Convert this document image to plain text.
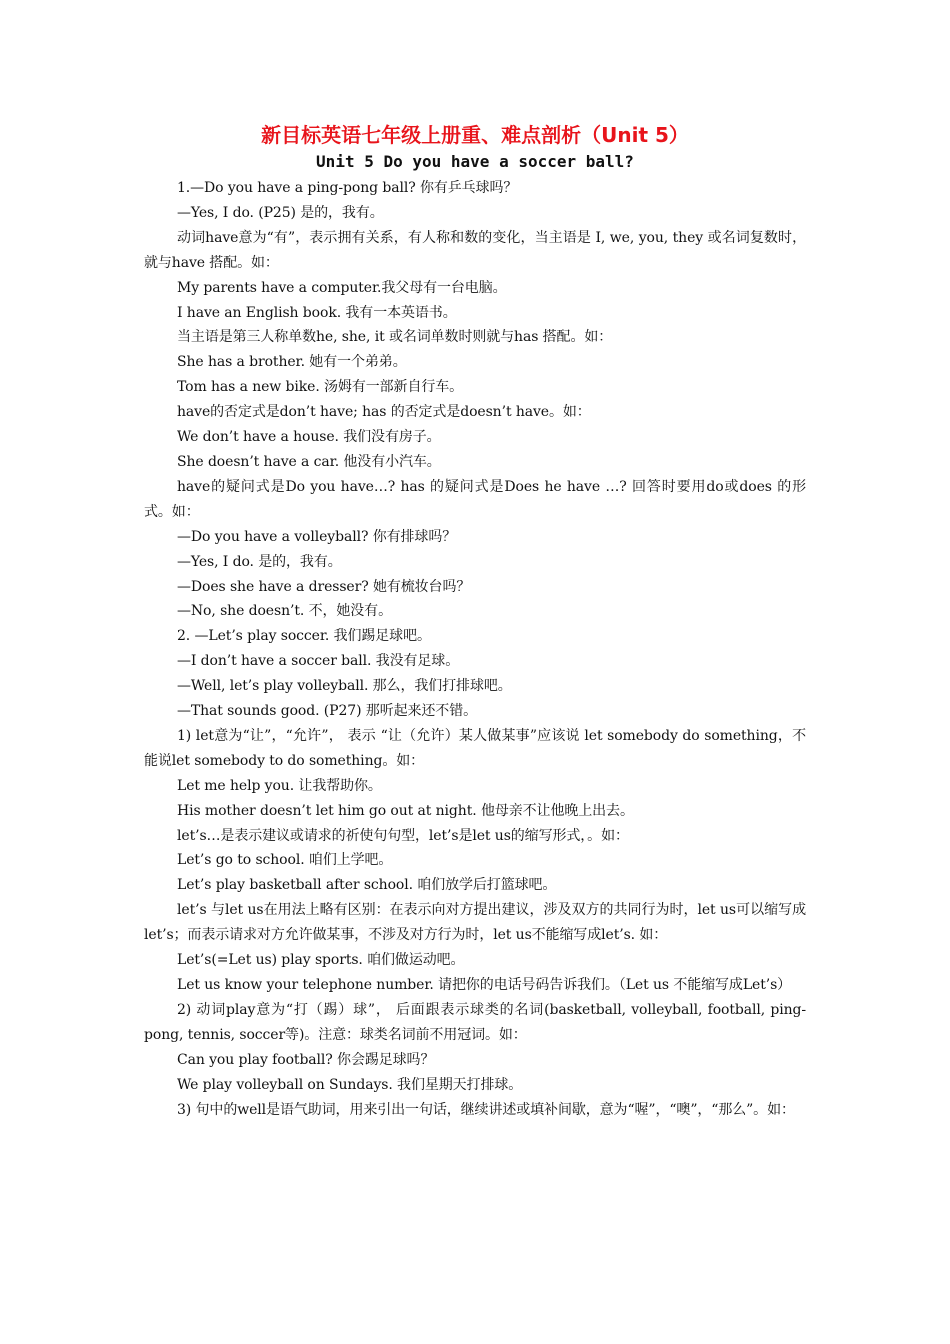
新目标英语七年级上册重、难点剖析（Unit 5）
Unit 5 Do you have a soccer ball?

1.—Do you have a ping-pong ball? 你有乒乓球吗？

—Yes, I do. (P25) 是的，我有。

动词have意为“有”，表示拥有关系，有人称和数的变化，当主语是 I, we, you, they 或名词复数时，就与have 搭配。如：

My parents have a computer.我父母有一台电脑。

I have an English book. 我有一本英语书。

当主语是第三人称单数he, she, it 或名词单数时则就与has 搭配。如：

She has a brother. 她有一个弟弟。

Tom has a new bike. 汤姆有一部新自行车。

have的否定式是don’t have; has 的否定式是doesn’t have。如：

We don’t have a house. 我们没有房子。

She doesn’t have a car. 他没有小汽车。

have的疑问式是Do you have…? has 的疑问式是Does he have …? 回答时要用do或does 的形式。如：

—Do you have a volleyball? 你有排球吗？

—Yes, I do. 是的，我有。

—Does she have a dresser? 她有梳妆台吗？

—No, she doesn’t. 不，她没有。

2. —Let’s play soccer. 我们踢足球吧。

—I don’t have a soccer ball. 我没有足球。

—Well, let’s play volleyball. 那么，我们打排球吧。

—That sounds good. (P27) 那听起来还不错。

1) let意为“让”，“允许”， 表示 “让（允许）某人做某事”应该说 let somebody do something，不能说let somebody to do something。如：

Let me help you. 让我帮助你。

His mother doesn’t let him go out at night. 他母亲不让他晚上出去。

let’s…是表示建议或请求的祈使句句型，let’s是let us的缩写形式，。如：

Let’s go to school. 咱们上学吧。

Let’s play basketball after school. 咱们放学后打篮球吧。

let’s 与let us在用法上略有区别：在表示向对方提出建议，涉及双方的共同行为时，let us可以缩写成let’s；而表示请求对方允许做某事，不涉及对方行为时，let us不能缩写成let’s. 如：

Let’s(=Let us) play sports. 咱们做运动吧。

Let us know your telephone number. 请把你的电话号码告诉我们。（Let us 不能缩写成Let’s）

2) 动词play意为“打（踢）球”， 后面跟表示球类的名词(basketball, volleyball, football, ping-pong, tennis, soccer等)。注意：球类名词前不用冠词。如：

Can you play football? 你会踢足球吗？

We play volleyball on Sundays. 我们星期天打排球。

3) 句中的well是语气助词，用来引出一句话，继续讲述或填补间歇，意为“喔”，“噢”，“那么”。如：
